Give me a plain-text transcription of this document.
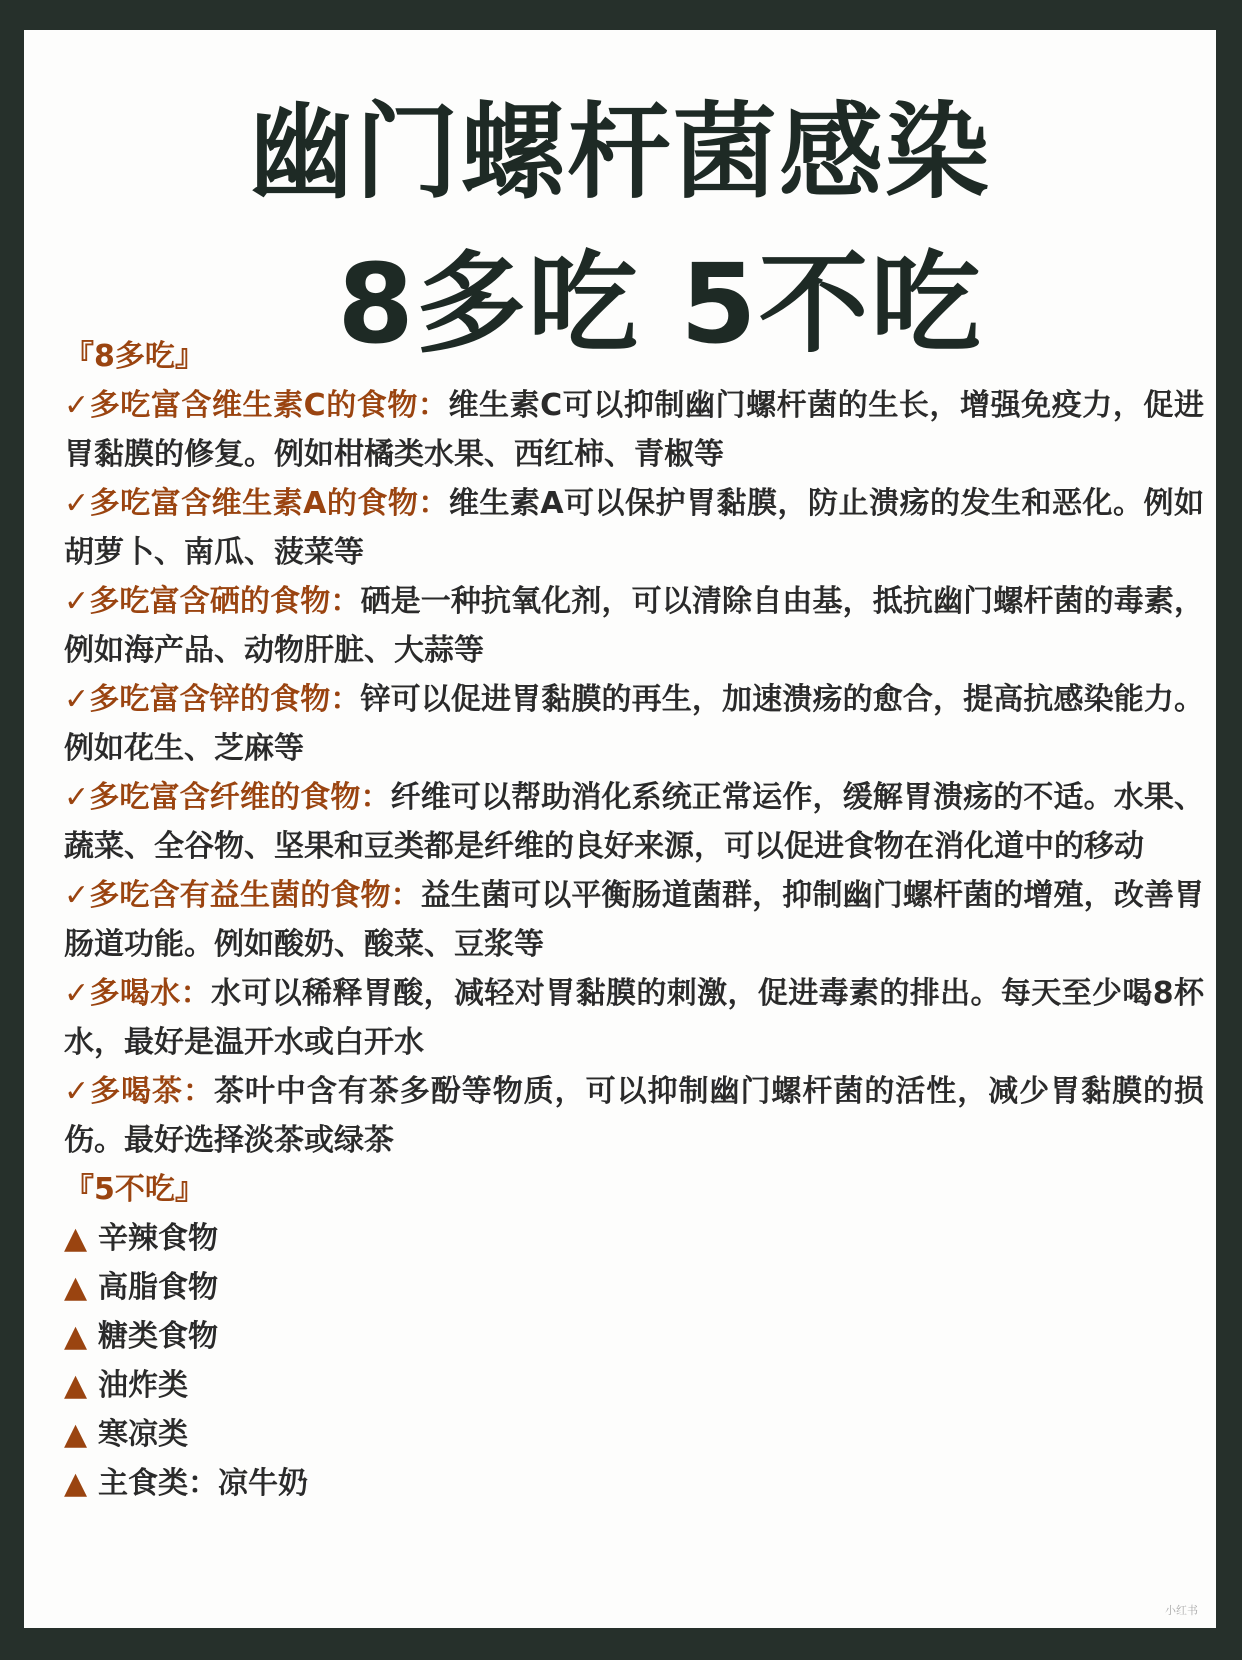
幽门螺杆菌感染
8多吃 5不吃
『8多吃』

✓多吃富含维生素C的食物：维生素C可以抑制幽门螺杆菌的生长，增强免疫力，促进胃黏膜的修复。例如柑橘类水果、西红柿、青椒等

✓多吃富含维生素A的食物：维生素A可以保护胃黏膜，防止溃疡的发生和恶化。例如胡萝卜、南瓜、菠菜等

✓多吃富含硒的食物：硒是一种抗氧化剂，可以清除自由基，抵抗幽门螺杆菌的毒素，例如海产品、动物肝脏、大蒜等

✓多吃富含锌的食物：锌可以促进胃黏膜的再生，加速溃疡的愈合，提高抗感染能力。例如花生、芝麻等

✓多吃富含纤维的食物：纤维可以帮助消化系统正常运作，缓解胃溃疡的不适。水果、蔬菜、全谷物、坚果和豆类都是纤维的良好来源，可以促进食物在消化道中的移动

✓多吃含有益生菌的食物：益生菌可以平衡肠道菌群，抑制幽门螺杆菌的增殖，改善胃肠道功能。例如酸奶、酸菜、豆浆等

✓多喝水：水可以稀释胃酸，减轻对胃黏膜的刺激，促进毒素的排出。每天至少喝8杯水，最好是温开水或白开水

✓多喝茶：茶叶中含有茶多酚等物质，可以抑制幽门螺杆菌的活性，减少胃黏膜的损伤。最好选择淡茶或绿茶

『5不吃』
▲ 辛辣食物
▲ 高脂食物
▲ 糖类食物
▲ 油炸类
▲ 寒凉类
▲ 主食类：凉牛奶
小红书
